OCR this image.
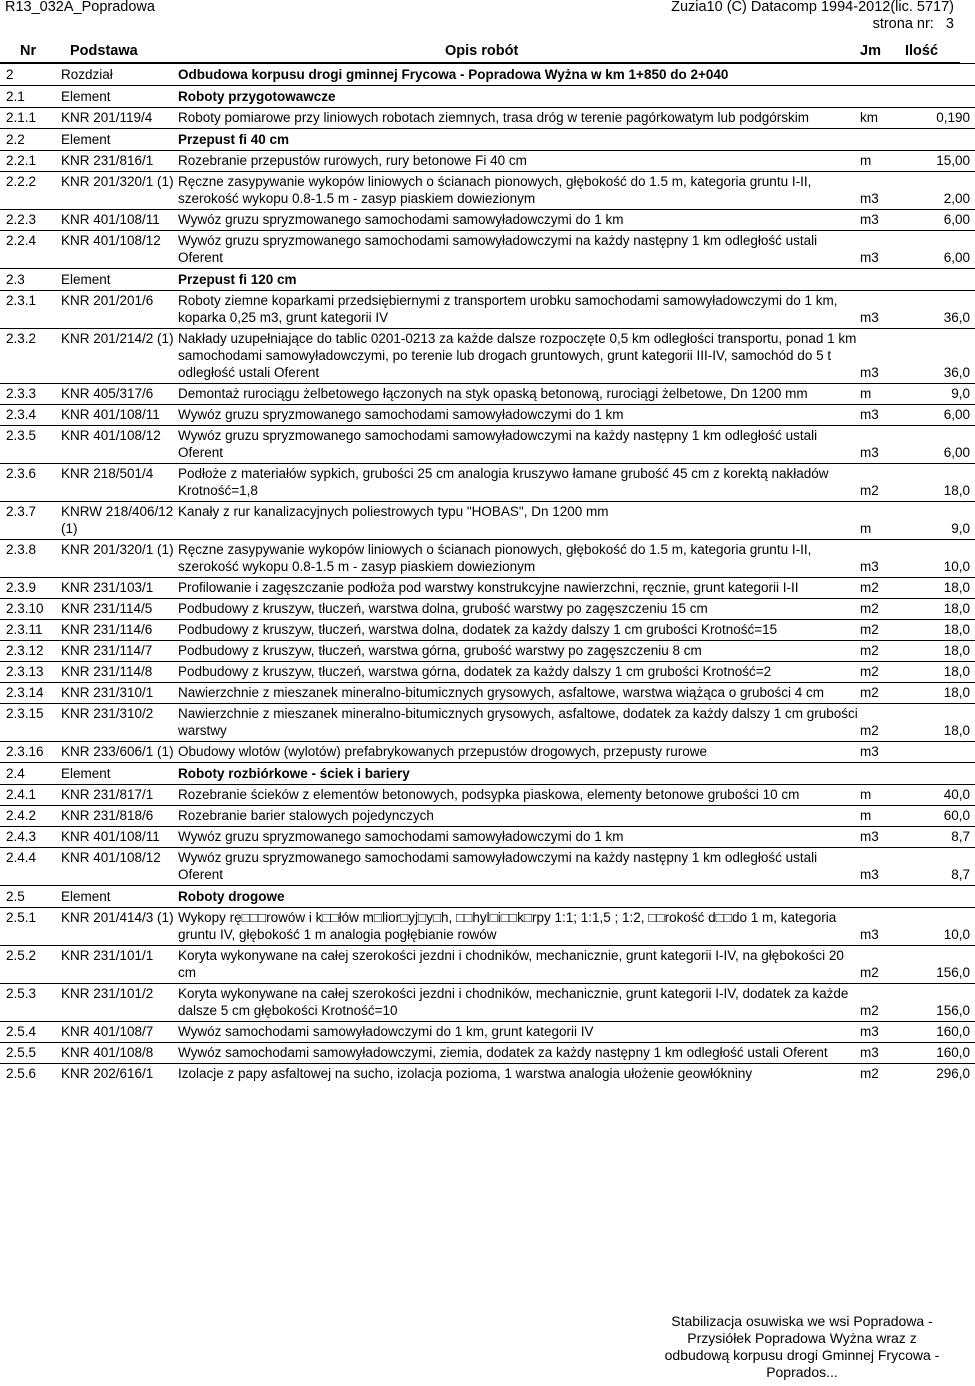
R13_032A_Popradowa	Zuzia10 (C) Datacomp 1994-2012(lic. 5717)
strona nr: 3
Nr Podstawa	Opis robót	Jm Ilość
2	Rozdział	Odbudowa korpusu drogi gminnej Frycowa - Popradowa Wyżna w km 1+850 do 2+040		
2.1	Element	Roboty przygotowawcze		
2.1.1	KNR 201/119/4	Roboty pomiarowe przy liniowych robotach ziemnych, trasa dróg w terenie pagórkowatym lub podgórskim	km	0,190
2.2	Element	Przepust fi 40 cm		
2.2.1	KNR 231/816/1	Rozebranie przepustów rurowych, rury betonowe Fi 40 cm	m	15,00
2.2.2	KNR 201/320/1 (1)	Ręczne zasypywanie wykopów liniowych o ścianach pionowych, głębokość do 1.5 m, kategoria gruntu I-II, szerokość wykopu 0.8-1.5 m - zasyp piaskiem dowiezionym	m3	2,00
2.2.3	KNR 401/108/11	Wywóz gruzu spryzmowanego samochodami samowyładowczymi do 1 km	m3	6,00
2.2.4	KNR 401/108/12	Wywóz gruzu spryzmowanego samochodami samowyładowczymi na każdy następny 1 km odległość ustali Oferent	m3	6,00
2.3	Element	Przepust fi 120 cm		
2.3.1	KNR 201/201/6	Roboty ziemne koparkami przedsiębiernymi z transportem urobku samochodami samowyładowczymi do 1 km, koparka 0,25 m3, grunt kategorii IV	m3	36,0
2.3.2	KNR 201/214/2 (1)	Nakłady uzupełniające do tablic 0201-0213 za każde dalsze rozpoczęte 0,5 km odległości transportu, ponad 1 km samochodami samowyładowczymi, po terenie lub drogach gruntowych, grunt kategorii III-IV, samochód do 5 t odległość ustali Oferent	m3	36,0
2.3.3	KNR 405/317/6	Demontaż rurociągu żelbetowego łączonych na styk opaską betonową, rurociągi żelbetowe, Dn 1200 mm	m	9,0
2.3.4	KNR 401/108/11	Wywóz gruzu spryzmowanego samochodami samowyładowczymi do 1 km	m3	6,00
2.3.5	KNR 401/108/12	Wywóz gruzu spryzmowanego samochodami samowyładowczymi na każdy następny 1 km odległość ustali Oferent	m3	6,00
2.3.6	KNR 218/501/4	Podłoże z materiałów sypkich, grubości 25 cm analogia kruszywo łamane grubość 45 cm z korektą nakładów Krotność=1,8	m2	18,0
2.3.7	KNRW 218/406/12 (1)	Kanały z rur kanalizacyjnych poliestrowych typu "HOBAS", Dn 1200 mm	m	9,0
2.3.8	KNR 201/320/1 (1)	Ręczne zasypywanie wykopów liniowych o ścianach pionowych, głębokość do 1.5 m, kategoria gruntu I-II, szerokość wykopu 0.8-1.5 m - zasyp piaskiem dowiezionym	m3	10,0
2.3.9	KNR 231/103/1	Profilowanie i zagęszczanie podłoża pod warstwy konstrukcyjne nawierzchni, ręcznie, grunt kategorii I-II	m2	18,0
2.3.10	KNR 231/114/5	Podbudowy z kruszyw, tłuczeń, warstwa dolna, grubość warstwy po zagęszczeniu 15 cm	m2	18,0
2.3.11	KNR 231/114/6	Podbudowy z kruszyw, tłuczeń, warstwa dolna, dodatek za każdy dalszy 1 cm grubości Krotność=15	m2	18,0
2.3.12	KNR 231/114/7	Podbudowy z kruszyw, tłuczeń, warstwa górna, grubość warstwy po zagęszczeniu 8 cm	m2	18,0
2.3.13	KNR 231/114/8	Podbudowy z kruszyw, tłuczeń, warstwa górna, dodatek za każdy dalszy 1 cm grubości Krotność=2	m2	18,0
2.3.14	KNR 231/310/1	Nawierzchnie z mieszanek mineralno-bitumicznych grysowych, asfaltowe, warstwa wiążąca o grubości 4 cm	m2	18,0
2.3.15	KNR 231/310/2	Nawierzchnie z mieszanek mineralno-bitumicznych grysowych, asfaltowe, dodatek za każdy dalszy 1 cm grubości warstwy	m2	18,0
2.3.16	KNR 233/606/1 (1)	Obudowy wlotów (wylotów) prefabrykowanych przepustów drogowych, przepusty rurowe	m3	
2.4	Element	Roboty rozbiórkowe - ściek i bariery		
2.4.1	KNR 231/817/1	Rozebranie ścieków z elementów betonowych, podsypka piaskowa, elementy betonowe grubości 10 cm	m	40,0
2.4.2	KNR 231/818/6	Rozebranie barier stalowych pojedynczych	m	60,0
2.4.3	KNR 401/108/11	Wywóz gruzu spryzmowanego samochodami samowyładowczymi do 1 km	m3	8,7
2.4.4	KNR 401/108/12	Wywóz gruzu spryzmowanego samochodami samowyładowczymi na każdy następny 1 km odległość ustali Oferent	m3	8,7
2.5	Element	Roboty drogowe		
2.5.1	KNR 201/414/3 (1)	Wykopy rę□□□rowów i k□□łów m□lior□yj□y□h, □□hyl□i□□k□rpy 1:1; 1:1,5 ; 1:2, □□rokość d□□do 1 m, kategoria gruntu IV, głębokość 1 m analogia pogłębianie rowów	m3	10,0
2.5.2	KNR 231/101/1	Koryta wykonywane na całej szerokości jezdni i chodników, mechanicznie, grunt kategorii I-IV, na głębokości 20 cm	m2	156,0
2.5.3	KNR 231/101/2	Koryta wykonywane na całej szerokości jezdni i chodników, mechanicznie, grunt kategorii I-IV, dodatek za każde dalsze 5 cm głębokości Krotność=10	m2	156,0
2.5.4	KNR 401/108/7	Wywóz samochodami samowyładowczymi do 1 km, grunt kategorii IV	m3	160,0
2.5.5	KNR 401/108/8	Wywóz samochodami samowyładowczymi, ziemia, dodatek za każdy następny 1 km odległość ustali Oferent	m3	160,0
2.5.6	KNR 202/616/1	Izolacje z papy asfaltowej na sucho, izolacja pozioma, 1 warstwa analogia ułożenie geowłókniny	m2	296,0
Stabilizacja osuwiska we wsi Popradowa -
Przysiółek Popradowa Wyżna wraz z
odbudową korpusu drogi Gminnej Frycowa -
Poprados...
